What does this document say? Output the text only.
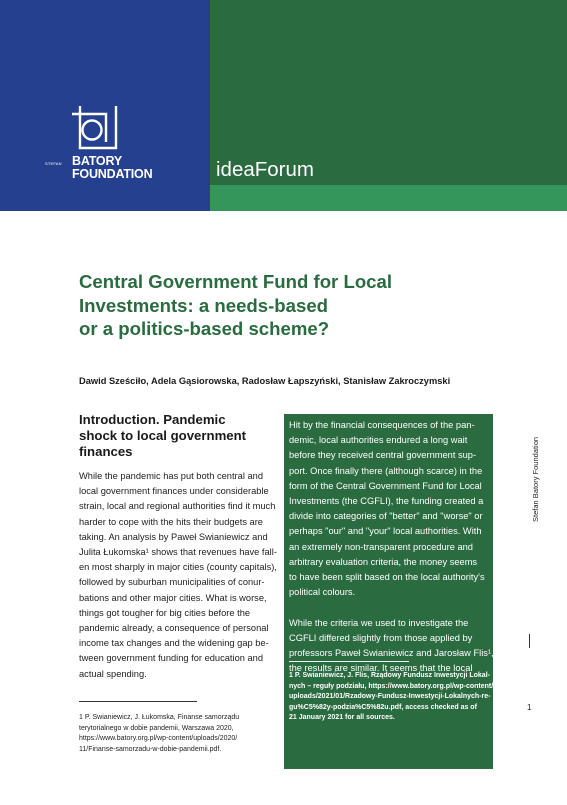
STEFAN BATORY
FOUNDATION	ideaForum
Central Government Fund for Local
Investments: a needs-based
or a politics-based scheme?
Dawid Sześciło, Adela Gąsiorowska, Radosław Łapszyński, Stanisław Zakroczymski
Introduction. Pandemic
shock to local government
finances
While the pandemic has put both central and
local government finances under considerable
strain, local and regional authorities find it much
harder to cope with the hits their budgets are
taking. An analysis by Paweł Swianiewicz and
Julita Łukomska¹ shows that revenues have fall-
en most sharply in major cities (county capitals),
followed by suburban municipalities of conur-
bations and other major cities. What is worse,
things got tougher for big cities before the
pandemic already, a consequence of personal
income tax changes and the widening gap be-
tween government funding for education and
actual spending.
1 P. Swianiewicz, J. Łukomska, Finanse samorządu
terytorialnego w dobie pandemii, Warszawa 2020,
https://www.batory.org.pl/wp-content/uploads/2020/
11/Finanse-samorzadu-w-dobie-pandemii.pdf.
Hit by the financial consequences of the pan-
demic, local authorities endured a long wait
before they received central government sup-
port. Once finally there (although scarce) in the
form of the Central Government Fund for Local
Investments (the CGFLI), the funding created a
divide into categories of "better" and "worse" or
perhaps "our" and "your" local authorities. With
an extremely non-transparent procedure and
arbitrary evaluation criteria, the money seems
to have been split based on the local authority's
political colours.
While the criteria we used to investigate the
CGFLI differed slightly from those applied by
professors Paweł Swianiewicz and Jarosław Flis¹,
the results are similar. It seems that the local
1 P. Swianiewicz, J. Flis, Rządowy Fundusz Inwestycji Lokal-
nych – reguły podziału, https://www.batory.org.pl/wp-content/
uploads/2021/01/Rzadowy-Fundusz-Inwestycji-Lokalnych-re-
gu%C5%82y-podzia%C5%82u.pdf, access checked as of
21 January 2021 for all sources.
Stefan Batory Foundation
1
